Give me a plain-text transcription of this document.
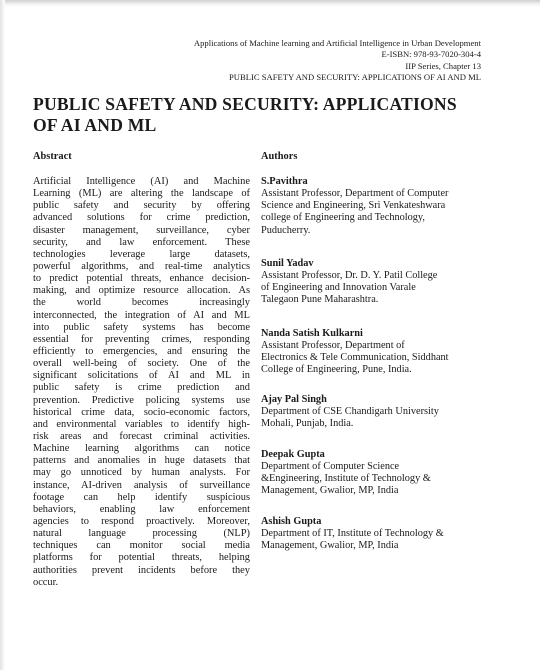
Applications of Machine learning and Artificial Intelligence in Urban Development
E-ISBN: 978-93-7020-304-4
IIP Series, Chapter 13
PUBLIC SAFETY AND SECURITY: APPLICATIONS OF AI AND ML
PUBLIC SAFETY AND SECURITY: APPLICATIONS
OF AI AND ML
Abstract	Authors
Artificial Intelligence (AI) and Machine
Learning (ML) are altering the landscape of
public safety and security by offering
advanced solutions for crime prediction,
disaster management, surveillance, cyber
security, and law enforcement. These
technologies leverage large datasets,
powerful algorithms, and real-time analytics
to predict potential threats, enhance decision-
making, and optimize resource allocation. As
the world becomes increasingly
interconnected, the integration of AI and ML
into public safety systems has become
essential for preventing crimes, responding
efficiently to emergencies, and ensuring the
overall well-being of society. One of the
significant solicitations of AI and ML in
public safety is crime prediction and
prevention. Predictive policing systems use
historical crime data, socio-economic factors,
and environmental variables to identify high-
risk areas and forecast criminal activities.
Machine learning algorithms can notice
patterns and anomalies in huge datasets that
may go unnoticed by human analysts. For
instance, AI-driven analysis of surveillance
footage can help identify suspicious
behaviors, enabling law enforcement
agencies to respond proactively. Moreover,
natural language processing (NLP)
techniques can monitor social media
platforms for potential threats, helping
authorities prevent incidents before they
occur.
S.Pavithra
Assistant Professor, Department of Computer
Science and Engineering, Sri Venkateshwara
college of Engineering and Technology,
Puducherry.
Sunil Yadav
Assistant Professor, Dr. D. Y. Patil College
of Engineering and Innovation Varale
Talegaon Pune Maharashtra.
Nanda Satish Kulkarni
Assistant Professor, Department of
Electronics & Tele Communication, Siddhant
College of Engineering, Pune, India.
Ajay Pal Singh
Department of CSE Chandigarh University
Mohali, Punjab, India.
Deepak Gupta
Department of Computer Science
&Engineering, Institute of Technology &
Management, Gwalior, MP, India
Ashish Gupta
Department of IT, Institute of Technology &
Management, Gwalior, MP, India
